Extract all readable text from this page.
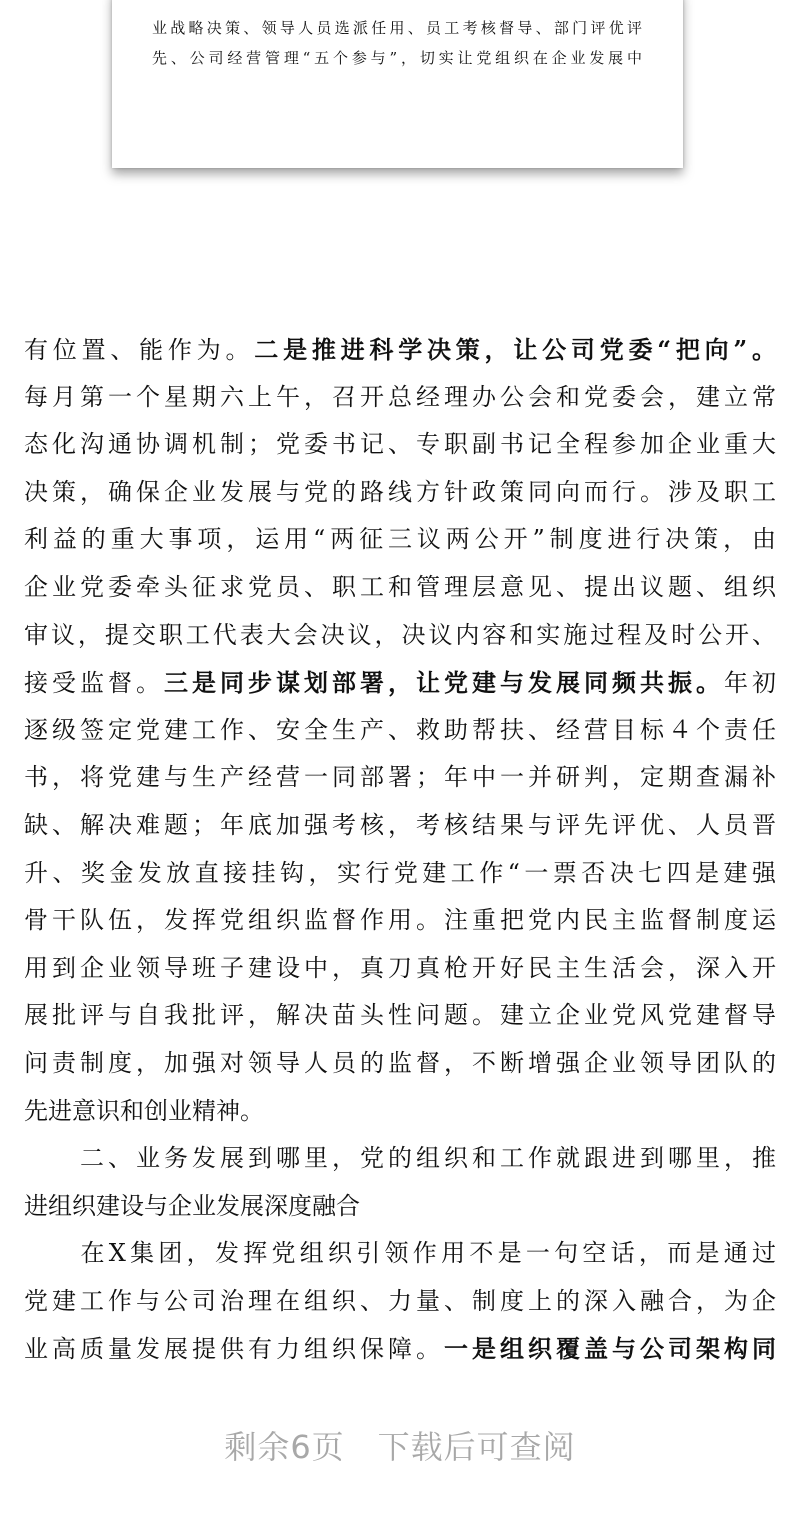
业战略决策、领导人员选派任用、员工考核督导、部门评优评
先、公司经营管理“五个参与”，切实让党组织在企业发展中
有位置、能作为。二是推进科学决策，让公司党委“把向”。
每月第一个星期六上午，召开总经理办公会和党委会，建立常
态化沟通协调机制；党委书记、专职副书记全程参加企业重大
决策，确保企业发展与党的路线方针政策同向而行。涉及职工
利益的重大事项，运用“两征三议两公开”制度进行决策，由
企业党委牵头征求党员、职工和管理层意见、提出议题、组织
审议，提交职工代表大会决议，决议内容和实施过程及时公开、
接受监督。三是同步谋划部署，让党建与发展同频共振。年初
逐级签定党建工作、安全生产、救助帮扶、经营目标４个责任
书，将党建与生产经营一同部署；年中一并研判，定期查漏补
缺、解决难题；年底加强考核，考核结果与评先评优、人员晋
升、奖金发放直接挂钩，实行党建工作“一票否决七四是建强
骨干队伍，发挥党组织监督作用。注重把党内民主监督制度运
用到企业领导班子建设中，真刀真枪开好民主生活会，深入开
展批评与自我批评，解决苗头性问题。建立企业党风党建督导
问责制度，加强对领导人员的监督，不断增强企业领导团队的
先进意识和创业精神。
　　二、业务发展到哪里，党的组织和工作就跟进到哪里，推
进组织建设与企业发展深度融合
　　在X集团，发挥党组织引领作用不是一句空话，而是通过
党建工作与公司治理在组织、力量、制度上的深入融合，为企
业高质量发展提供有力组织保障。一是组织覆盖与公司架构同
剩余6页　下载后可查阅
